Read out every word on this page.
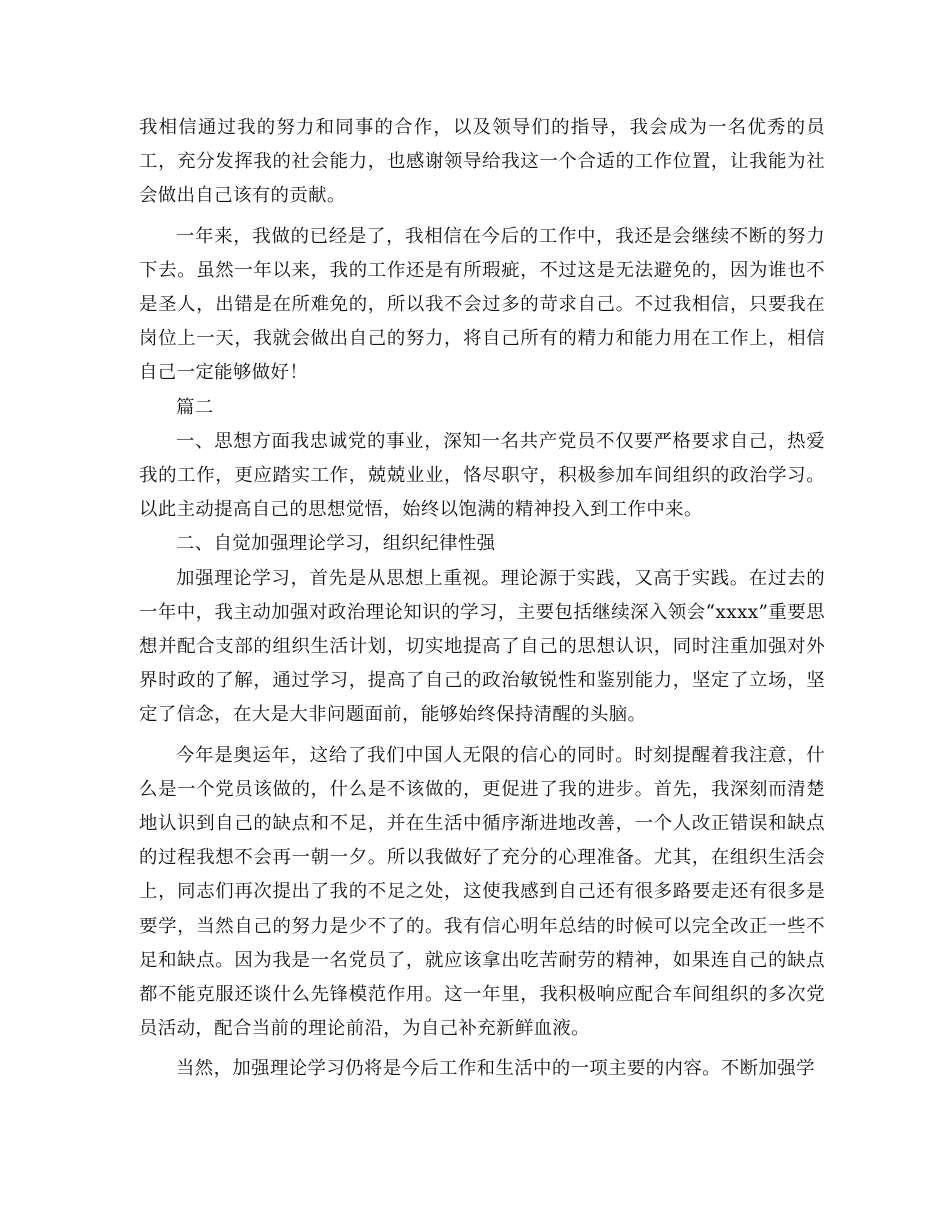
我相信通过我的努力和同事的合作，以及领导们的指导，我会成为一名优秀的员工，充分发挥我的社会能力，也感谢领导给我这一个合适的工作位置，让我能为社会做出自己该有的贡献。

一年来，我做的已经是了，我相信在今后的工作中，我还是会继续不断的努力下去。虽然一年以来，我的工作还是有所瑕疵，不过这是无法避免的，因为谁也不是圣人，出错是在所难免的，所以我不会过多的苛求自己。不过我相信，只要我在岗位上一天，我就会做出自己的努力，将自己所有的精力和能力用在工作上，相信自己一定能够做好！

篇二

一、思想方面我忠诚党的事业，深知一名共产党员不仅要严格要求自己，热爱我的工作，更应踏实工作，兢兢业业，恪尽职守，积极参加车间组织的政治学习。以此主动提高自己的思想觉悟，始终以饱满的精神投入到工作中来。

二、自觉加强理论学习，组织纪律性强

加强理论学习，首先是从思想上重视。理论源于实践，又高于实践。在过去的一年中，我主动加强对政治理论知识的学习，主要包括继续深入领会“xxxx”重要思想并配合支部的组织生活计划，切实地提高了自己的思想认识，同时注重加强对外界时政的了解，通过学习，提高了自己的政治敏锐性和鉴别能力，坚定了立场，坚定了信念，在大是大非问题面前，能够始终保持清醒的头脑。

今年是奥运年，这给了我们中国人无限的信心的同时。时刻提醒着我注意，什么是一个党员该做的，什么是不该做的，更促进了我的进步。首先，我深刻而清楚地认识到自己的缺点和不足，并在生活中循序渐进地改善，一个人改正错误和缺点的过程我想不会再一朝一夕。所以我做好了充分的心理准备。尤其，在组织生活会上，同志们再次提出了我的不足之处，这使我感到自己还有很多路要走还有很多是要学，当然自己的努力是少不了的。我有信心明年总结的时候可以完全改正一些不足和缺点。因为我是一名党员了，就应该拿出吃苦耐劳的精神，如果连自己的缺点都不能克服还谈什么先锋模范作用。这一年里，我积极响应配合车间组织的多次党员活动，配合当前的理论前沿，为自己补充新鲜血液。

当然，加强理论学习仍将是今后工作和生活中的一项主要的内容。不断加强学
